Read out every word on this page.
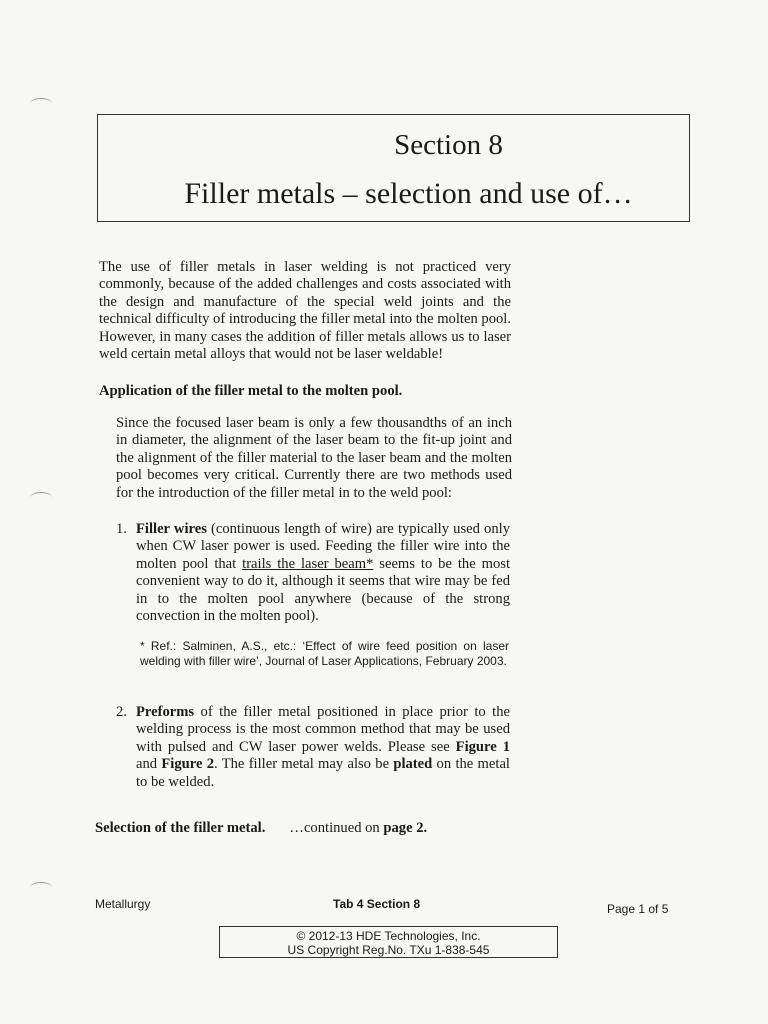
Section 8
Filler metals – selection and use of…
The use of filler metals in laser welding is not practiced very commonly, because of the added challenges and costs associated with the design and manufacture of the special weld joints and the technical difficulty of introducing the filler metal into the molten pool. However, in many cases the addition of filler metals allows us to laser weld certain metal alloys that would not be laser weldable!
Application of the filler metal to the molten pool.
Since the focused laser beam is only a few thousandths of an inch in diameter, the alignment of the laser beam to the fit-up joint and the alignment of the filler material to the laser beam and the molten pool becomes very critical. Currently there are two methods used for the introduction of the filler metal in to the weld pool:
1. Filler wires (continuous length of wire) are typically used only when CW laser power is used. Feeding the filler wire into the molten pool that trails the laser beam* seems to be the most convenient way to do it, although it seems that wire may be fed in to the molten pool anywhere (because of the strong convection in the molten pool).
* Ref.: Salminen, A.S., etc.: ‘Effect of wire feed position on laser welding with filler wire’, Journal of Laser Applications, February 2003.
2. Preforms of the filler metal positioned in place prior to the welding process is the most common method that may be used with pulsed and CW laser power welds. Please see Figure 1 and Figure 2. The filler metal may also be plated on the metal to be welded.
Selection of the filler metal. …continued on page 2.
Metallurgy	Tab 4 Section 8	Page 1 of 5
© 2012-13 HDE Technologies, Inc.
US Copyright Reg.No. TXu 1-838-545
